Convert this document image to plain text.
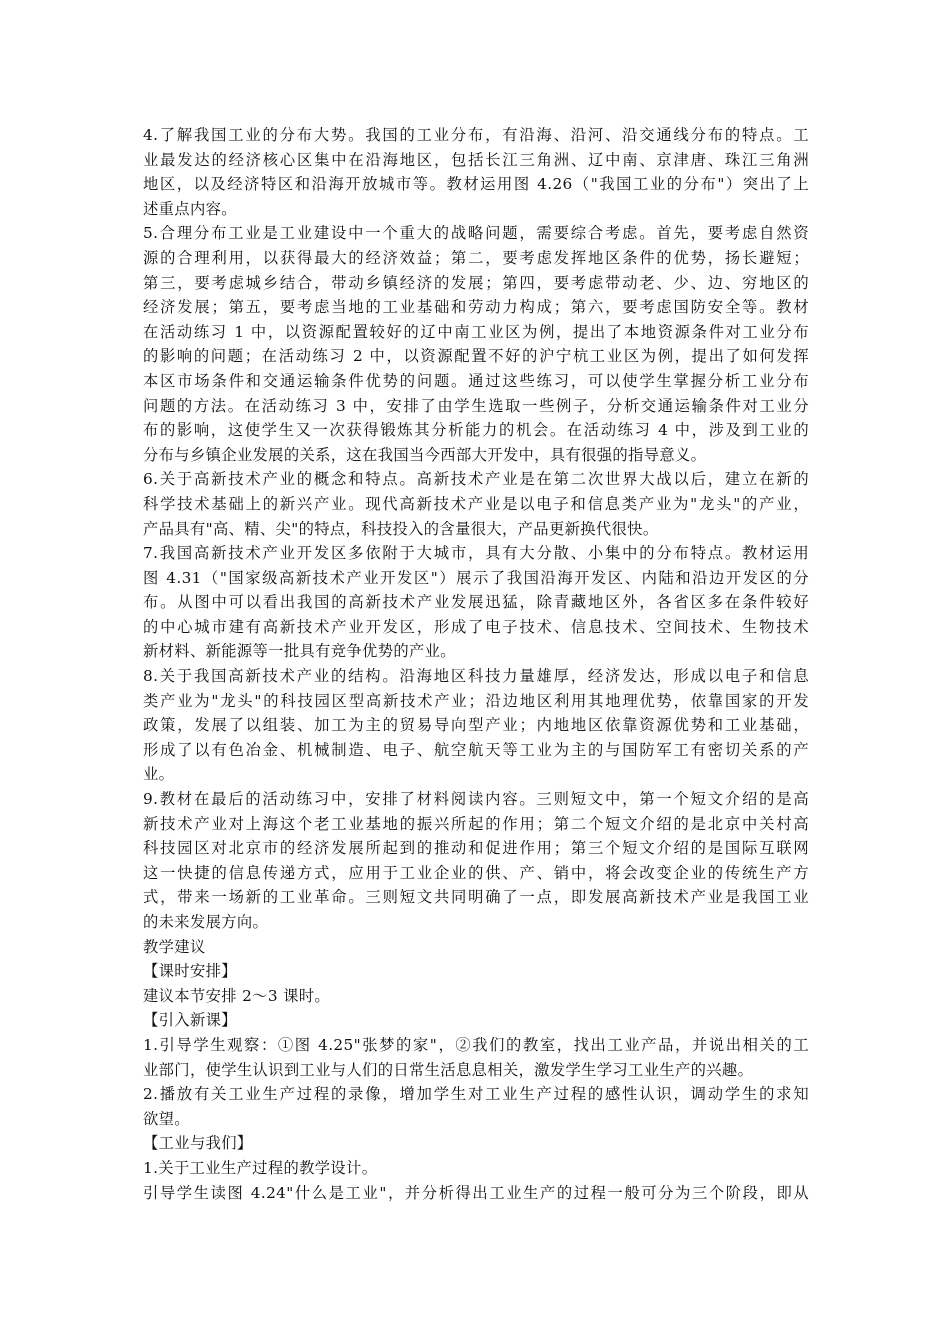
4.了解我国工业的分布大势。我国的工业分布，有沿海、沿河、沿交通线分布的特点。工
业最发达的经济核心区集中在沿海地区，包括长江三角洲、辽中南、京津唐、珠江三角洲
地区，以及经济特区和沿海开放城市等。教材运用图 4.26（"我国工业的分布"）突出了上
述重点内容。
5.合理分布工业是工业建设中一个重大的战略问题，需要综合考虑。首先，要考虑自然资
源的合理利用，以获得最大的经济效益；第二，要考虑发挥地区条件的优势，扬长避短；
第三，要考虑城乡结合，带动乡镇经济的发展；第四，要考虑带动老、少、边、穷地区的
经济发展；第五，要考虑当地的工业基础和劳动力构成；第六，要考虑国防安全等。教材
在活动练习 1 中，以资源配置较好的辽中南工业区为例，提出了本地资源条件对工业分布
的影响的问题；在活动练习 2 中，以资源配置不好的沪宁杭工业区为例，提出了如何发挥
本区市场条件和交通运输条件优势的问题。通过这些练习，可以使学生掌握分析工业分布
问题的方法。在活动练习 3 中，安排了由学生选取一些例子，分析交通运输条件对工业分
布的影响，这使学生又一次获得锻炼其分析能力的机会。在活动练习 4 中，涉及到工业的
分布与乡镇企业发展的关系，这在我国当今西部大开发中，具有很强的指导意义。
6.关于高新技术产业的概念和特点。高新技术产业是在第二次世界大战以后，建立在新的
科学技术基础上的新兴产业。现代高新技术产业是以电子和信息类产业为"龙头"的产业，
产品具有"高、精、尖"的特点，科技投入的含量很大，产品更新换代很快。
7.我国高新技术产业开发区多依附于大城市，具有大分散、小集中的分布特点。教材运用
图 4.31（"国家级高新技术产业开发区"）展示了我国沿海开发区、内陆和沿边开发区的分
布。从图中可以看出我国的高新技术产业发展迅猛，除青藏地区外，各省区多在条件较好
的中心城市建有高新技术产业开发区，形成了电子技术、信息技术、空间技术、生物技术
新材料、新能源等一批具有竞争优势的产业。
8.关于我国高新技术产业的结构。沿海地区科技力量雄厚，经济发达，形成以电子和信息
类产业为"龙头"的科技园区型高新技术产业；沿边地区利用其地理优势，依靠国家的开发
政策，发展了以组装、加工为主的贸易导向型产业；内地地区依靠资源优势和工业基础，
形成了以有色冶金、机械制造、电子、航空航天等工业为主的与国防军工有密切关系的产
业。
9.教材在最后的活动练习中，安排了材料阅读内容。三则短文中，第一个短文介绍的是高
新技术产业对上海这个老工业基地的振兴所起的作用；第二个短文介绍的是北京中关村高
科技园区对北京市的经济发展所起到的推动和促进作用；第三个短文介绍的是国际互联网
这一快捷的信息传递方式，应用于工业企业的供、产、销中，将会改变企业的传统生产方
式，带来一场新的工业革命。三则短文共同明确了一点，即发展高新技术产业是我国工业
的未来发展方向。
教学建议
【课时安排】
建议本节安排 2～3 课时。
【引入新课】
1.引导学生观察：①图 4.25"张梦的家"，②我们的教室，找出工业产品，并说出相关的工
业部门，使学生认识到工业与人们的日常生活息息相关，激发学生学习工业生产的兴趣。
2.播放有关工业生产过程的录像，增加学生对工业生产过程的感性认识，调动学生的求知
欲望。
【工业与我们】
1.关于工业生产过程的教学设计。
引导学生读图 4.24"什么是工业"，并分析得出工业生产的过程一般可分为三个阶段，即从
